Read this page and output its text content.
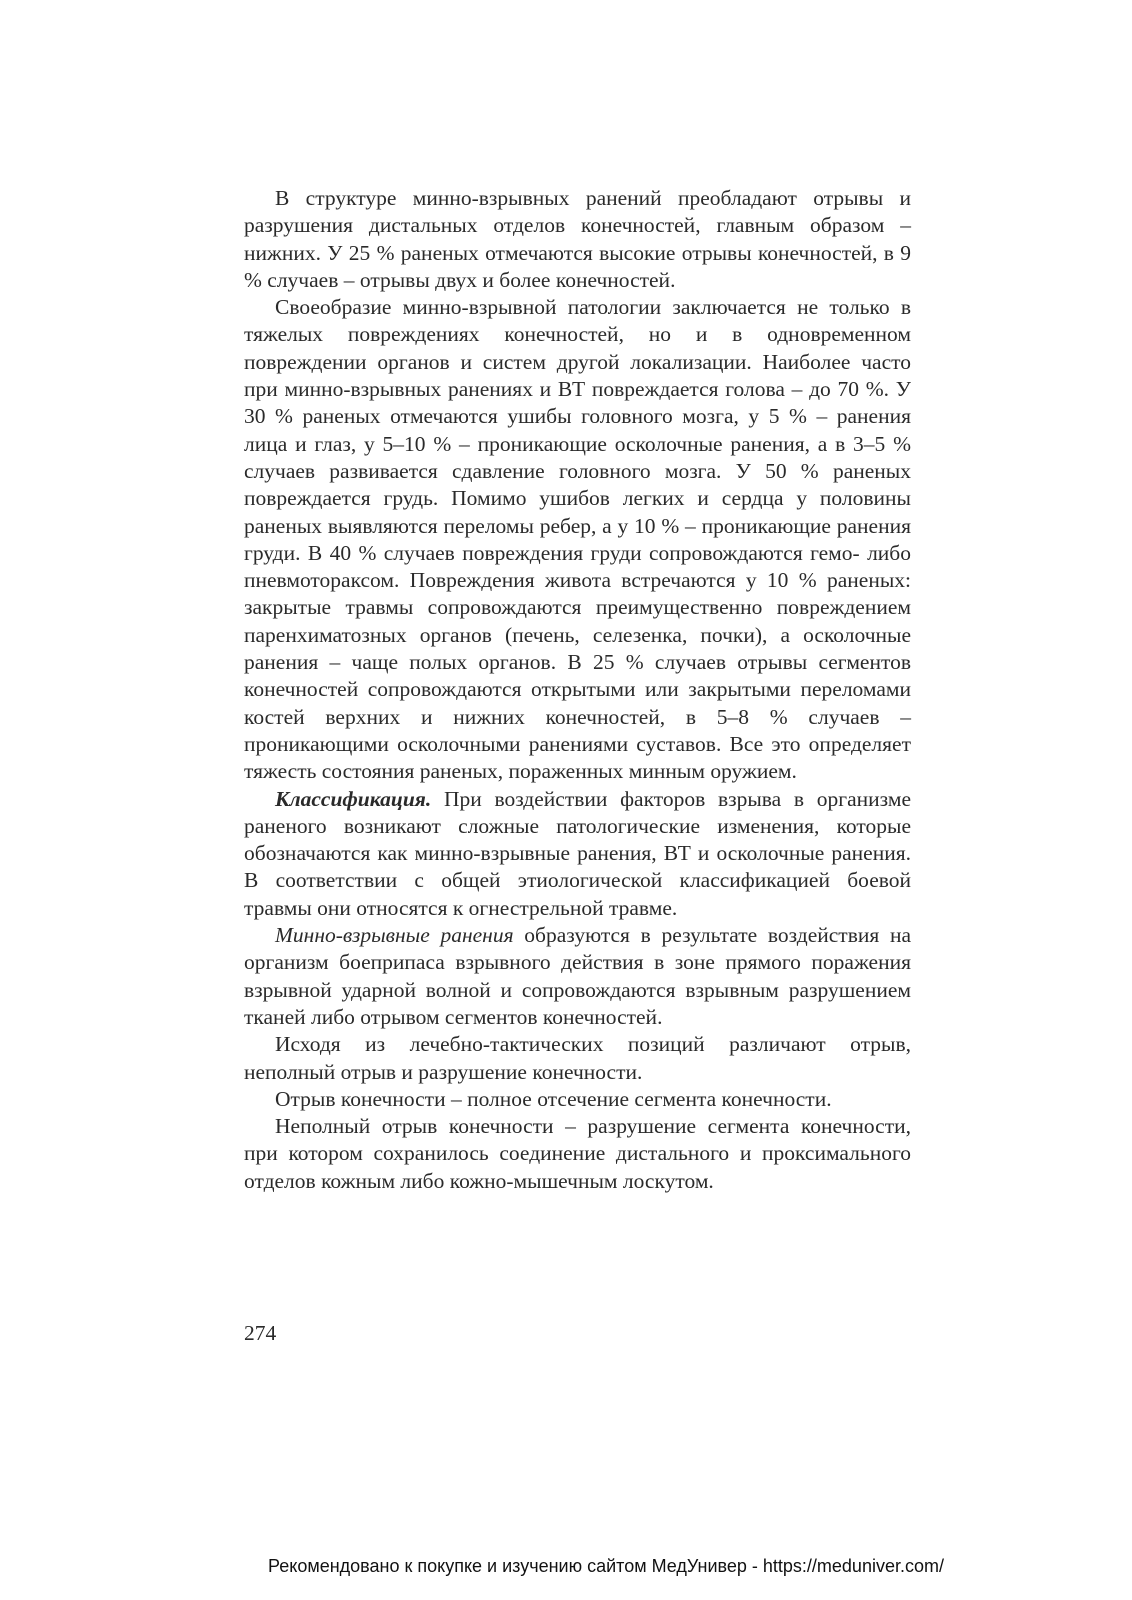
В структуре минно-взрывных ранений преобладают отрывы и разрушения дистальных отделов конечностей, главным образом – нижних. У 25 % раненых отмечаются высокие отрывы конечностей, в 9 % случаев – отрывы двух и более конечностей.

Своеобразие минно-взрывной патологии заключается не только в тяжелых повреждениях конечностей, но и в одновременном повреждении органов и систем другой локализации. Наиболее часто при минно-взрывных ранениях и ВТ повреждается голова – до 70 %. У 30 % раненых отмечаются ушибы головного мозга, у 5 % – ранения лица и глаз, у 5–10 % – проникающие осколочные ранения, а в 3–5 % случаев развивается сдавление головного мозга. У 50 % раненых повреждается грудь. Помимо ушибов легких и сердца у половины раненых выявляются переломы ребер, а у 10 % – проникающие ранения груди. В 40 % случаев повреждения груди сопровождаются гемо- либо пневмотораксом. Повреждения живота встречаются у 10 % раненых: закрытые травмы сопровождаются преимущественно повреждением паренхиматозных органов (печень, селезенка, почки), а осколочные ранения – чаще полых органов. В 25 % случаев отрывы сегментов конечностей сопровождаются открытыми или закрытыми переломами костей верхних и нижних конечностей, в 5–8 % случаев – проникающими осколочными ранениями суставов. Все это определяет тяжесть состояния раненых, пораженных минным оружием.

Классификация. При воздействии факторов взрыва в организме раненого возникают сложные патологические изменения, которые обозначаются как минно-взрывные ранения, ВТ и осколочные ранения. В соответствии с общей этиологической классификацией боевой травмы они относятся к огнестрельной травме.

Минно-взрывные ранения образуются в результате воздействия на организм боеприпаса взрывного действия в зоне прямого поражения взрывной ударной волной и сопровождаются взрывным разрушением тканей либо отрывом сегментов конечностей.

Исходя из лечебно-тактических позиций различают отрыв, неполный отрыв и разрушение конечности.

Отрыв конечности – полное отсечение сегмента конечности.

Неполный отрыв конечности – разрушение сегмента конечности, при котором сохранилось соединение дистального и проксимального отделов кожным либо кожно-мышечным лоскутом.

274
Рекомендовано к покупке и изучению сайтом МедУнивер - https://meduniver.com/
